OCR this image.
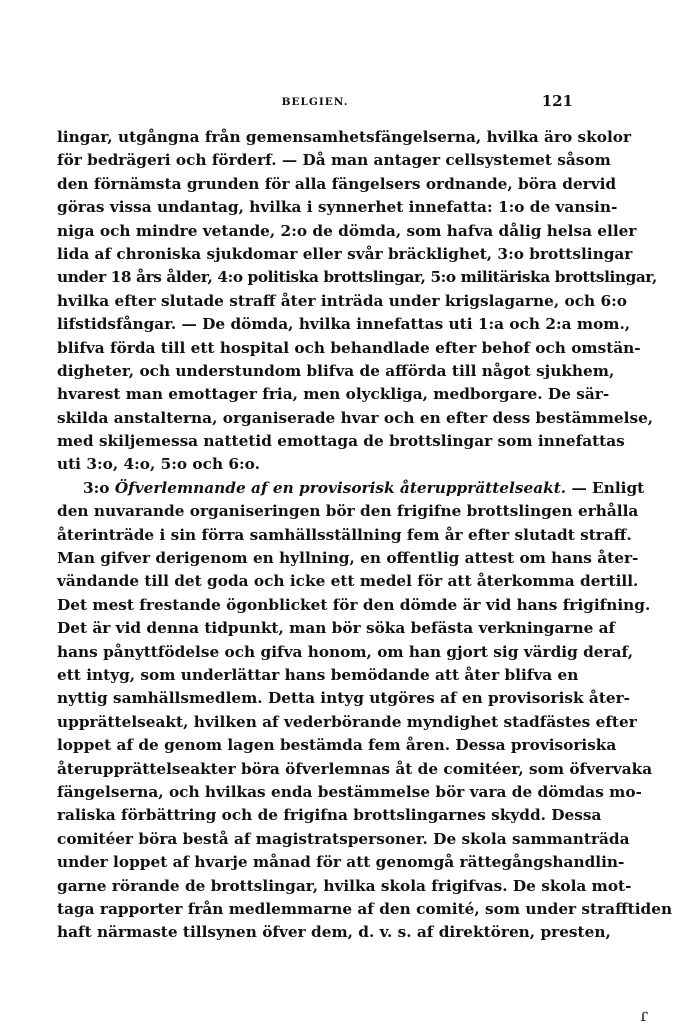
BELGIEN.	121
lingar, utgångna från gemensamhetsfängelserna, hvilka äro skolor
för bedrägeri och förderf. — Då man antager cellsystemet såsom
den förnämsta grunden för alla fängelsers ordnande, böra dervid
göras vissa undantag, hvilka i synnerhet innefatta: 1:o de vansin-
niga och mindre vetande, 2:o de dömda, som hafva dålig helsa eller
lida af chroniska sjukdomar eller svår bräcklighet, 3:o brottslingar
under 18 års ålder, 4:o politiska brottslingar, 5:o militäriska brottslingar,
hvilka efter slutade straff åter inträda under krigslagarne, och 6:o
lifstidsfångar. — De dömda, hvilka innefattas uti 1:a och 2:a mom.,
blifva förda till ett hospital och behandlade efter behof och omstän-
digheter, och understundom blifva de afförda till något sjukhem,
hvarest man emottager fria, men olyckliga, medborgare. De sär-
skilda anstalterna, organiserade hvar och en efter dess bestämmelse,
med skiljemessa nattetid emottaga de brottslingar som innefattas
uti 3:o, 4:o, 5:o och 6:o.
3:o Öfverlemnande af en provisorisk återupprättelseakt. — Enligt
den nuvarande organiseringen bör den frigifne brottslingen erhålla
återinträde i sin förra samhällsställning fem år efter slutadt straff.
Man gifver derigenom en hyllning, en offentlig attest om hans åter-
vändande till det goda och icke ett medel för att återkomma dertill.
Det mest frestande ögonblicket för den dömde är vid hans frigifning.
Det är vid denna tidpunkt, man bör söka befästa verkningarne af
hans pånyttfödelse och gifva honom, om han gjort sig värdig deraf,
ett intyg, som underlättar hans bemödande att åter blifva en
nyttig samhällsmedlem. Detta intyg utgöres af en provisorisk åter-
upprättelseakt, hvilken af vederbörande myndighet stadfästes efter
loppet af de genom lagen bestämda fem åren. Dessa provisoriska
återupprättelseakter böra öfverlemnas åt de comitéer, som öfvervaka
fängelserna, och hvilkas enda bestämmelse bör vara de dömdas mo-
raliska förbättring och de frigifna brottslingarnes skydd. Dessa
comitéer böra bestå af magistratspersoner. De skola sammanträda
under loppet af hvarje månad för att genomgå rättegångshandlin-
garne rörande de brottslingar, hvilka skola frigifvas. De skola mot-
taga rapporter från medlemmarne af den comité, som under strafftiden
haft närmaste tillsynen öfver dem, d. v. s. af direktören, presten,
ɾ
